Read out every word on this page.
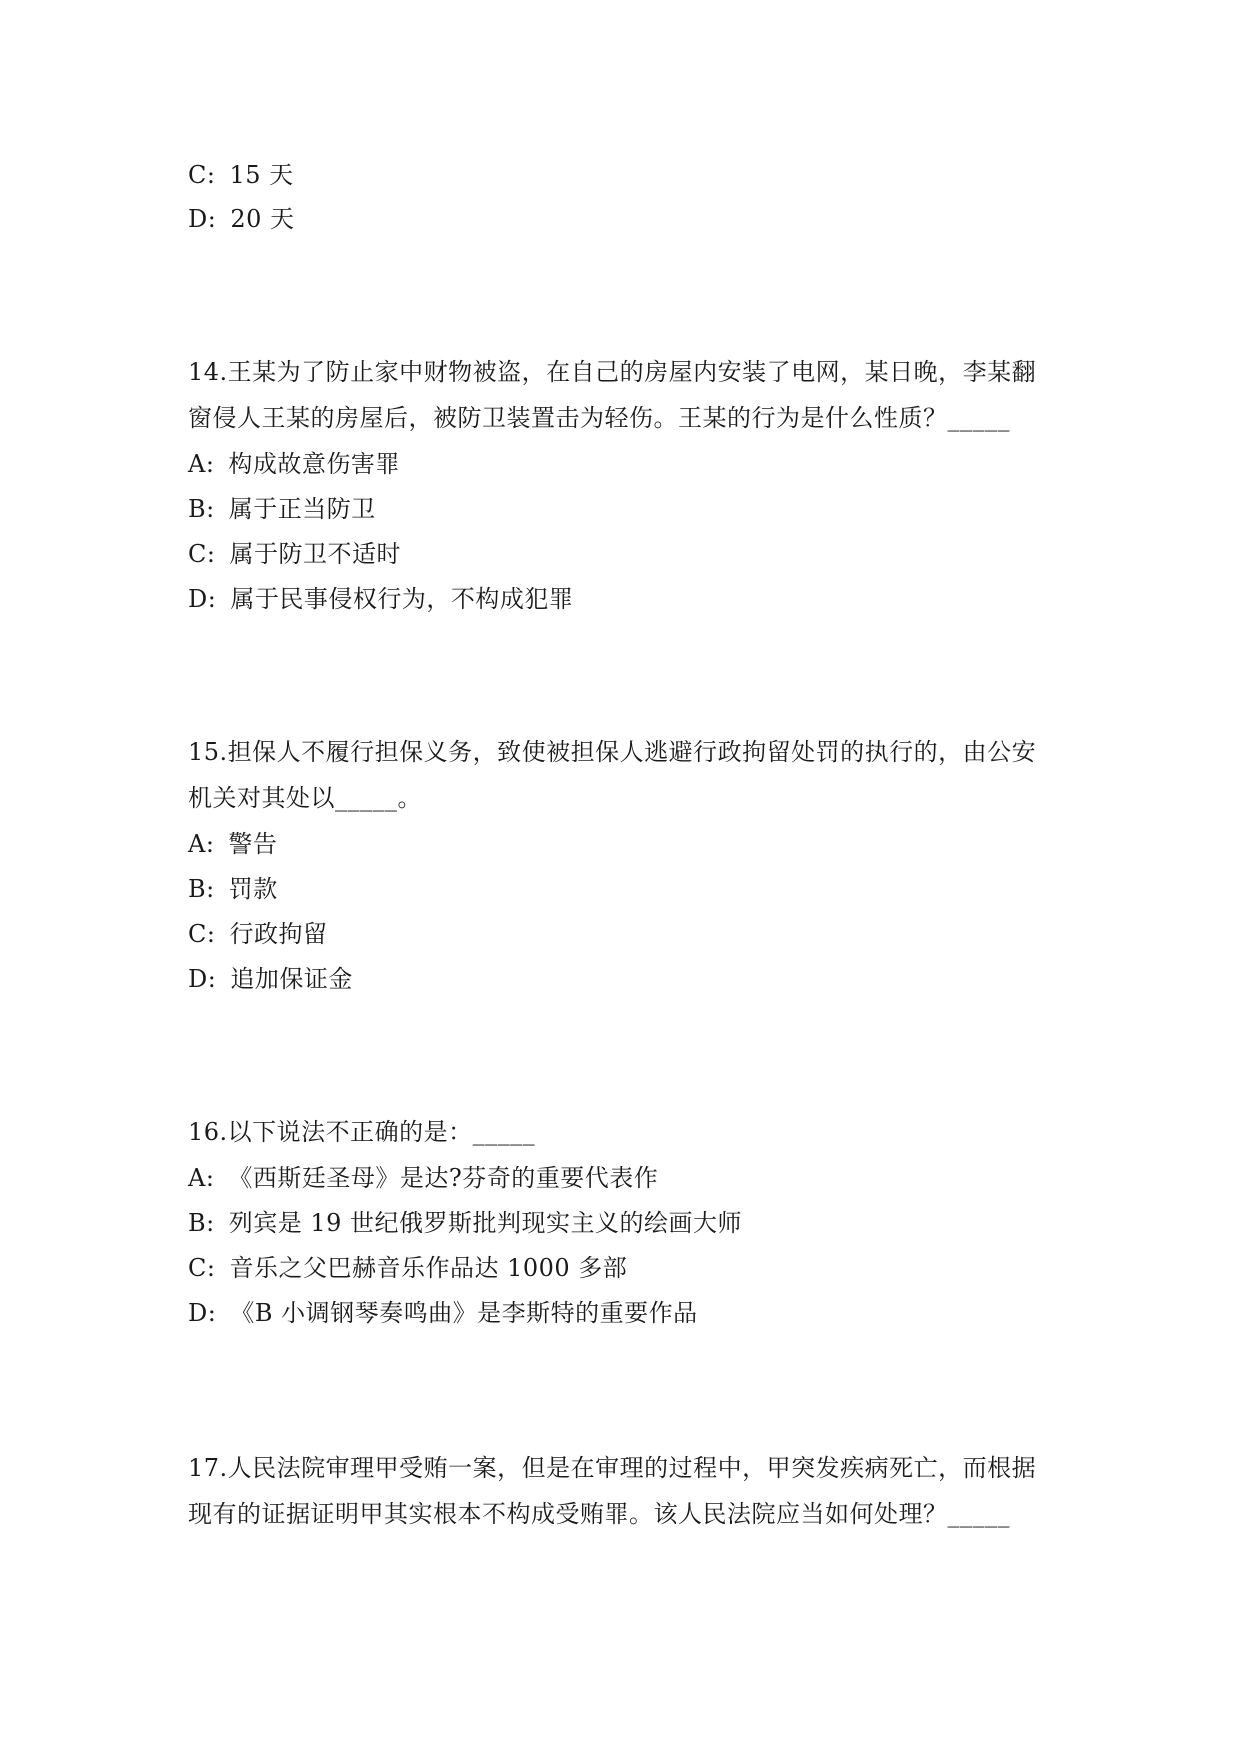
C: 15 天
D: 20 天
14.王某为了防止家中财物被盗，在自己的房屋内安装了电网，某日晚，李某翻
窗侵人王某的房屋后，被防卫装置击为轻伤。王某的行为是什么性质？_____
A: 构成故意伤害罪
B: 属于正当防卫
C: 属于防卫不适时
D: 属于民事侵权行为，不构成犯罪
15.担保人不履行担保义务，致使被担保人逃避行政拘留处罚的执行的，由公安
机关对其处以_____。
A: 警告
B: 罚款
C: 行政拘留
D: 追加保证金
16.以下说法不正确的是：_____
A: 《西斯廷圣母》是达?芬奇的重要代表作
B: 列宾是 19 世纪俄罗斯批判现实主义的绘画大师
C: 音乐之父巴赫音乐作品达 1000 多部
D: 《B 小调钢琴奏鸣曲》是李斯特的重要作品
17.人民法院审理甲受贿一案，但是在审理的过程中，甲突发疾病死亡，而根据
现有的证据证明甲其实根本不构成受贿罪。该人民法院应当如何处理？_____
